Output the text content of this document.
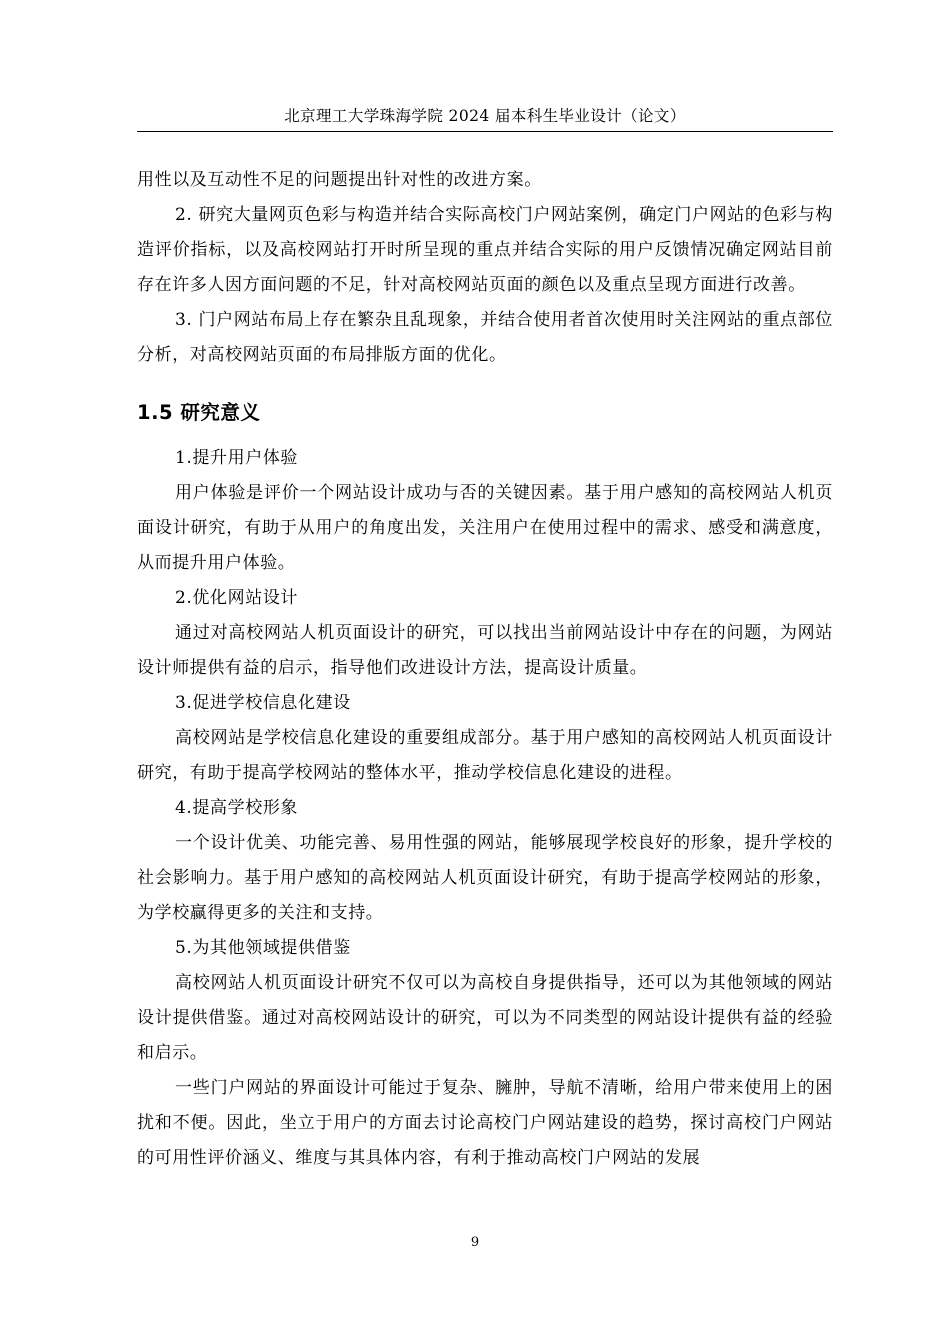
北京理工大学珠海学院 2024 届本科生毕业设计（论文）

用性以及互动性不足的问题提出针对性的改进方案。

2. 研究大量网页色彩与构造并结合实际高校门户网站案例，确定门户网站的色彩与构造评价指标，以及高校网站打开时所呈现的重点并结合实际的用户反馈情况确定网站目前存在许多人因方面问题的不足，针对高校网站页面的颜色以及重点呈现方面进行改善。

3. 门户网站布局上存在繁杂且乱现象，并结合使用者首次使用时关注网站的重点部位分析，对高校网站页面的布局排版方面的优化。

1.5 研究意义

1.提升用户体验

用户体验是评价一个网站设计成功与否的关键因素。基于用户感知的高校网站人机页面设计研究，有助于从用户的角度出发，关注用户在使用过程中的需求、感受和满意度，从而提升用户体验。

2.优化网站设计

通过对高校网站人机页面设计的研究，可以找出当前网站设计中存在的问题，为网站设计师提供有益的启示，指导他们改进设计方法，提高设计质量。

3.促进学校信息化建设

高校网站是学校信息化建设的重要组成部分。基于用户感知的高校网站人机页面设计研究，有助于提高学校网站的整体水平，推动学校信息化建设的进程。

4.提高学校形象

一个设计优美、功能完善、易用性强的网站，能够展现学校良好的形象，提升学校的社会影响力。基于用户感知的高校网站人机页面设计研究，有助于提高学校网站的形象，为学校赢得更多的关注和支持。

5.为其他领域提供借鉴

高校网站人机页面设计研究不仅可以为高校自身提供指导，还可以为其他领域的网站设计提供借鉴。通过对高校网站设计的研究，可以为不同类型的网站设计提供有益的经验和启示。

一些门户网站的界面设计可能过于复杂、臃肿，导航不清晰，给用户带来使用上的困扰和不便。因此，坐立于用户的方面去讨论高校门户网站建设的趋势，探讨高校门户网站的可用性评价涵义、维度与其具体内容，有利于推动高校门户网站的发展

9
